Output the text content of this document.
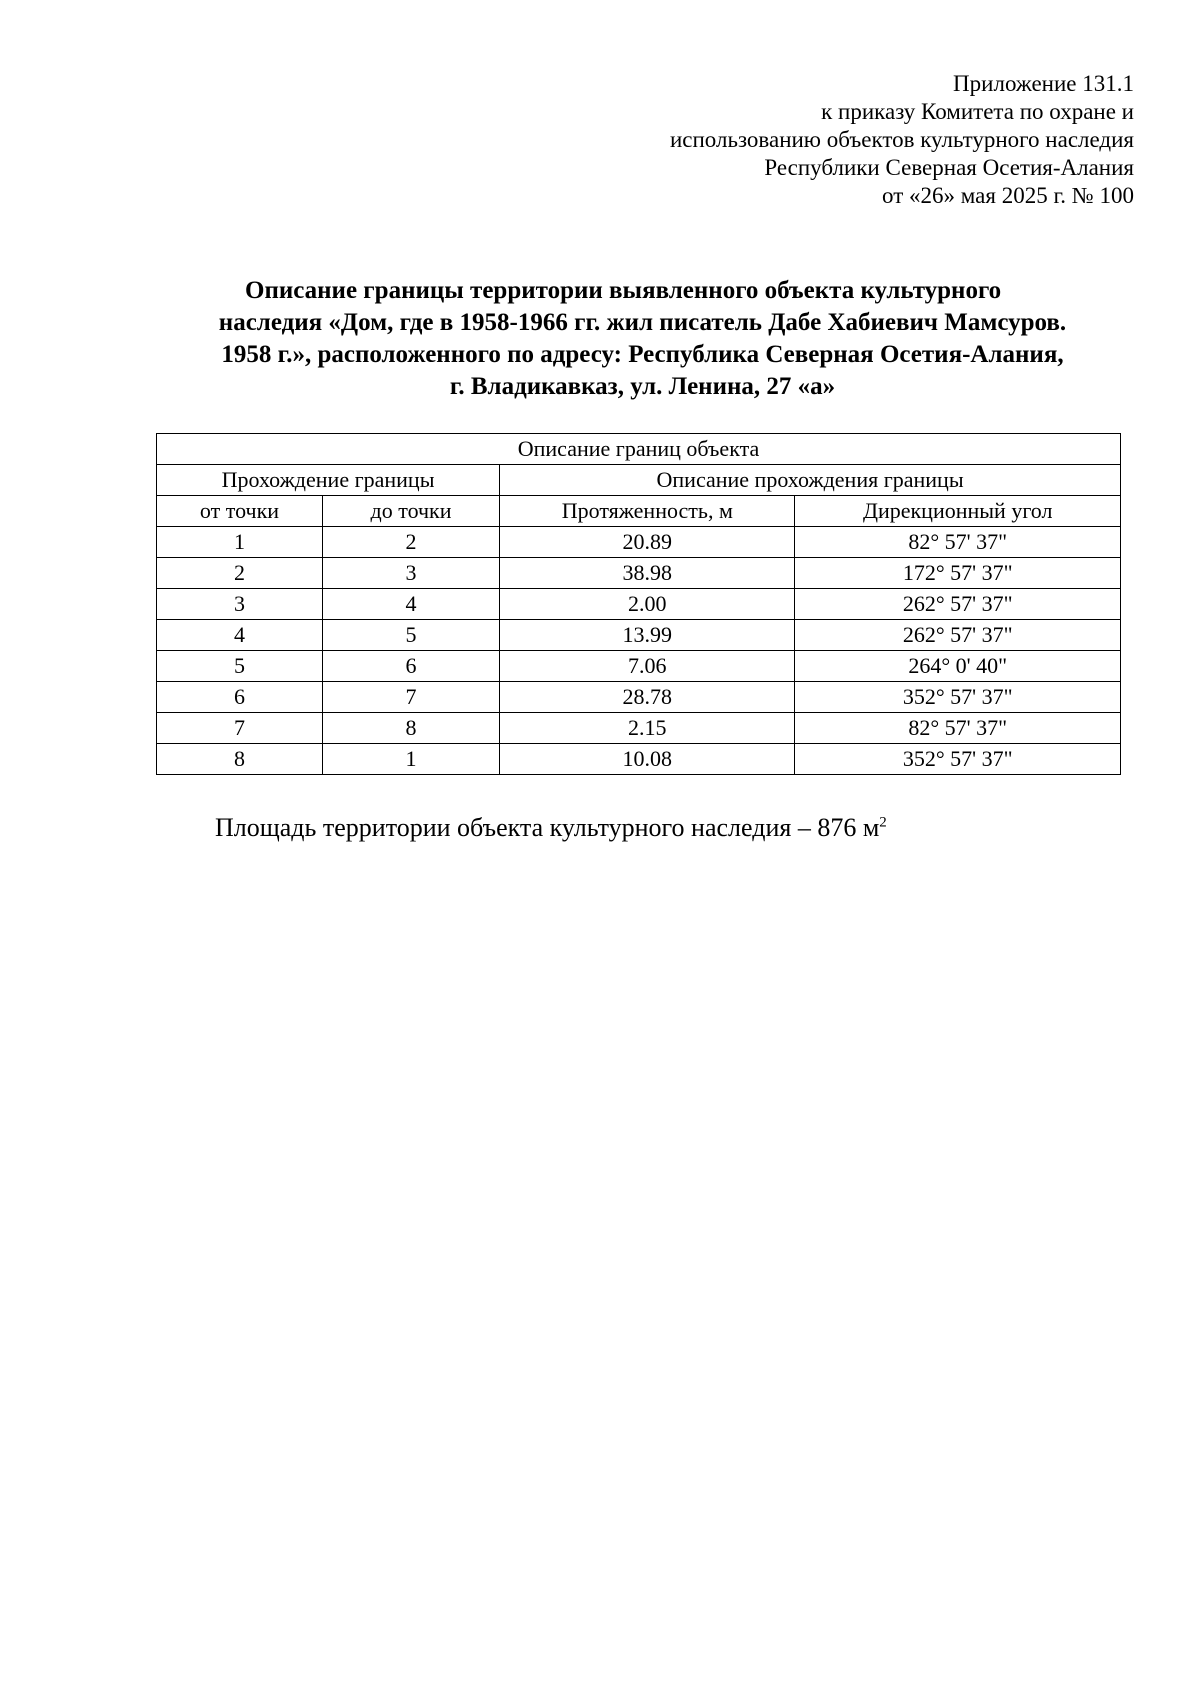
Приложение 131.1
к приказу Комитета по охране и
использованию объектов культурного наследия
Республики Северная Осетия-Алания
от «26» мая 2025 г. № 100
Описание границы территории выявленного объекта культурного
наследия «Дом, где в 1958-1966 гг. жил писатель Дабе Хабиевич Мамсуров.
1958 г.», расположенного по адресу: Республика Северная Осетия-Алания,
г. Владикавказ, ул. Ленина, 27 «а»
Описание границ объекта			
Прохождение границы		Описание прохождения границы	
от точки	до точки	Протяженность, м	Дирекционный угол
1	2	20.89	82° 57' 37"
2	3	38.98	172° 57' 37"
3	4	2.00	262° 57' 37"
4	5	13.99	262° 57' 37"
5	6	7.06	264° 0' 40"
6	7	28.78	352° 57' 37"
7	8	2.15	82° 57' 37"
8	1	10.08	352° 57' 37"
Площадь территории объекта культурного наследия – 876 $м^2$
